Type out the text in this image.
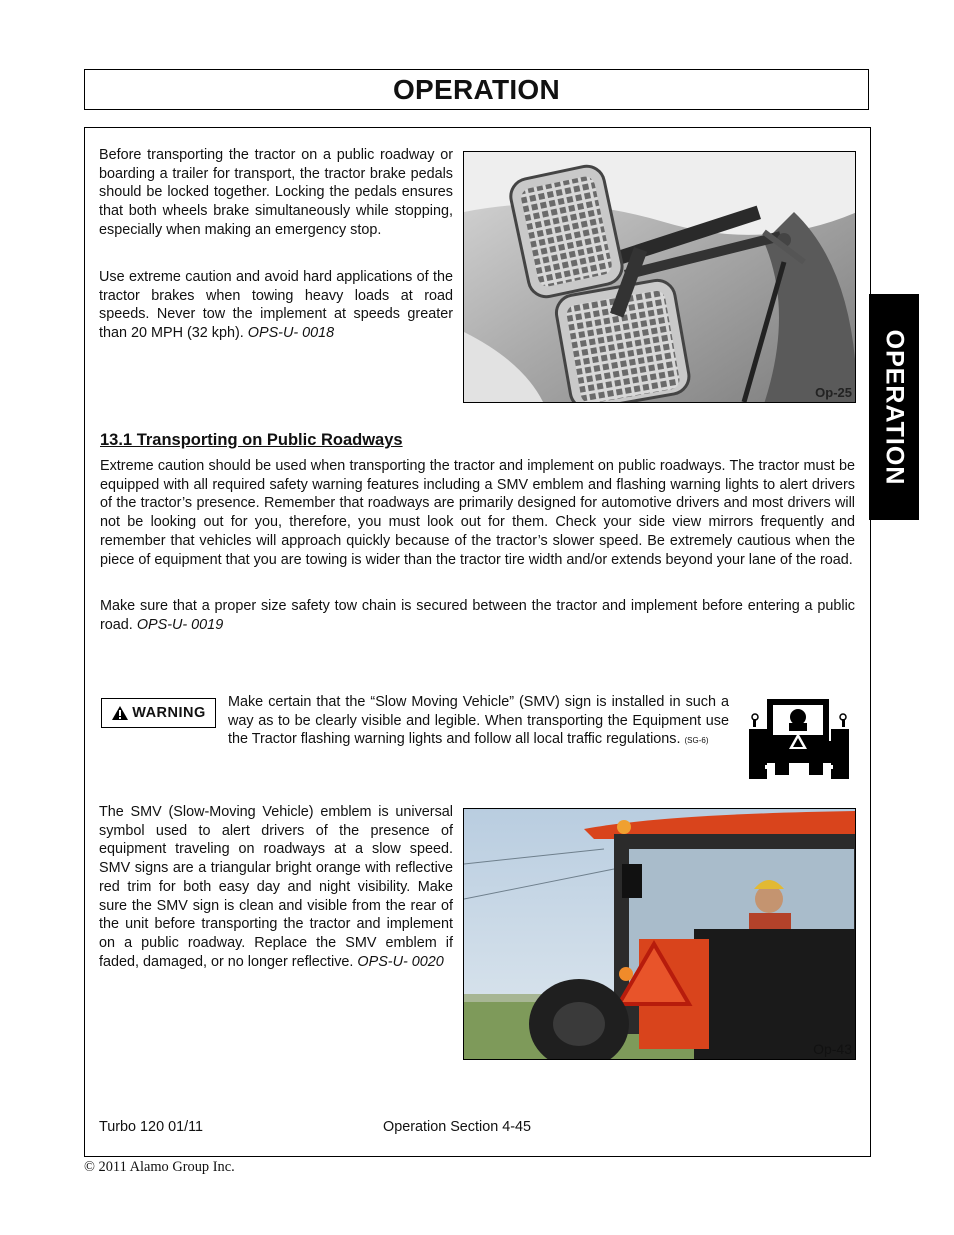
OPERATION
OPERATION

Before transporting the tractor on a public roadway or boarding a trailer for transport, the tractor brake pedals should be locked together. Locking the pedals ensures that both wheels brake simultaneously while stopping, especially when making an emergency stop.

Use extreme caution and avoid hard applications of the tractor brakes when towing heavy loads at road speeds. Never tow the implement at speeds greater than 20 MPH (32 kph). OPS-U- 0018

Op-25
13.1 Transporting on Public Roadways

Extreme caution should be used when transporting the tractor and implement on public roadways. The tractor must be equipped with all required safety warning features including a SMV emblem and flashing warning lights to alert drivers of the tractor’s presence. Remember that roadways are primarily designed for automotive drivers and most drivers will not be looking out for you, therefore, you must look out for them. Check your side view mirrors frequently and remember that vehicles will approach quickly because of the tractor’s slower speed. Be extremely cautious when the piece of equipment that you are towing is wider than the tractor tire width and/or extends beyond your lane of the road.

Make sure that a proper size safety tow chain is secured between the tractor and implement before entering a public road. OPS-U- 0019

WARNING

Make certain that the “Slow Moving Vehicle” (SMV) sign is installed in such a way as to be clearly visible and legible. When transporting the Equipment use the Tractor flashing warning lights and follow all local traffic regulations. (SG-6)

The SMV (Slow-Moving Vehicle) emblem is universal symbol used to alert drivers of the presence of equipment traveling on roadways at a slow speed. SMV signs are a triangular bright orange with reflective red trim for both easy day and night visibility. Make sure the SMV sign is clean and visible from the rear of the unit before transporting the tractor and implement on a public roadway. Replace the SMV emblem if faded, damaged, or no longer reflective. OPS-U- 0020

Op-43
Turbo 120 01/11	Operation Section 4-45
© 2011 Alamo Group Inc.
